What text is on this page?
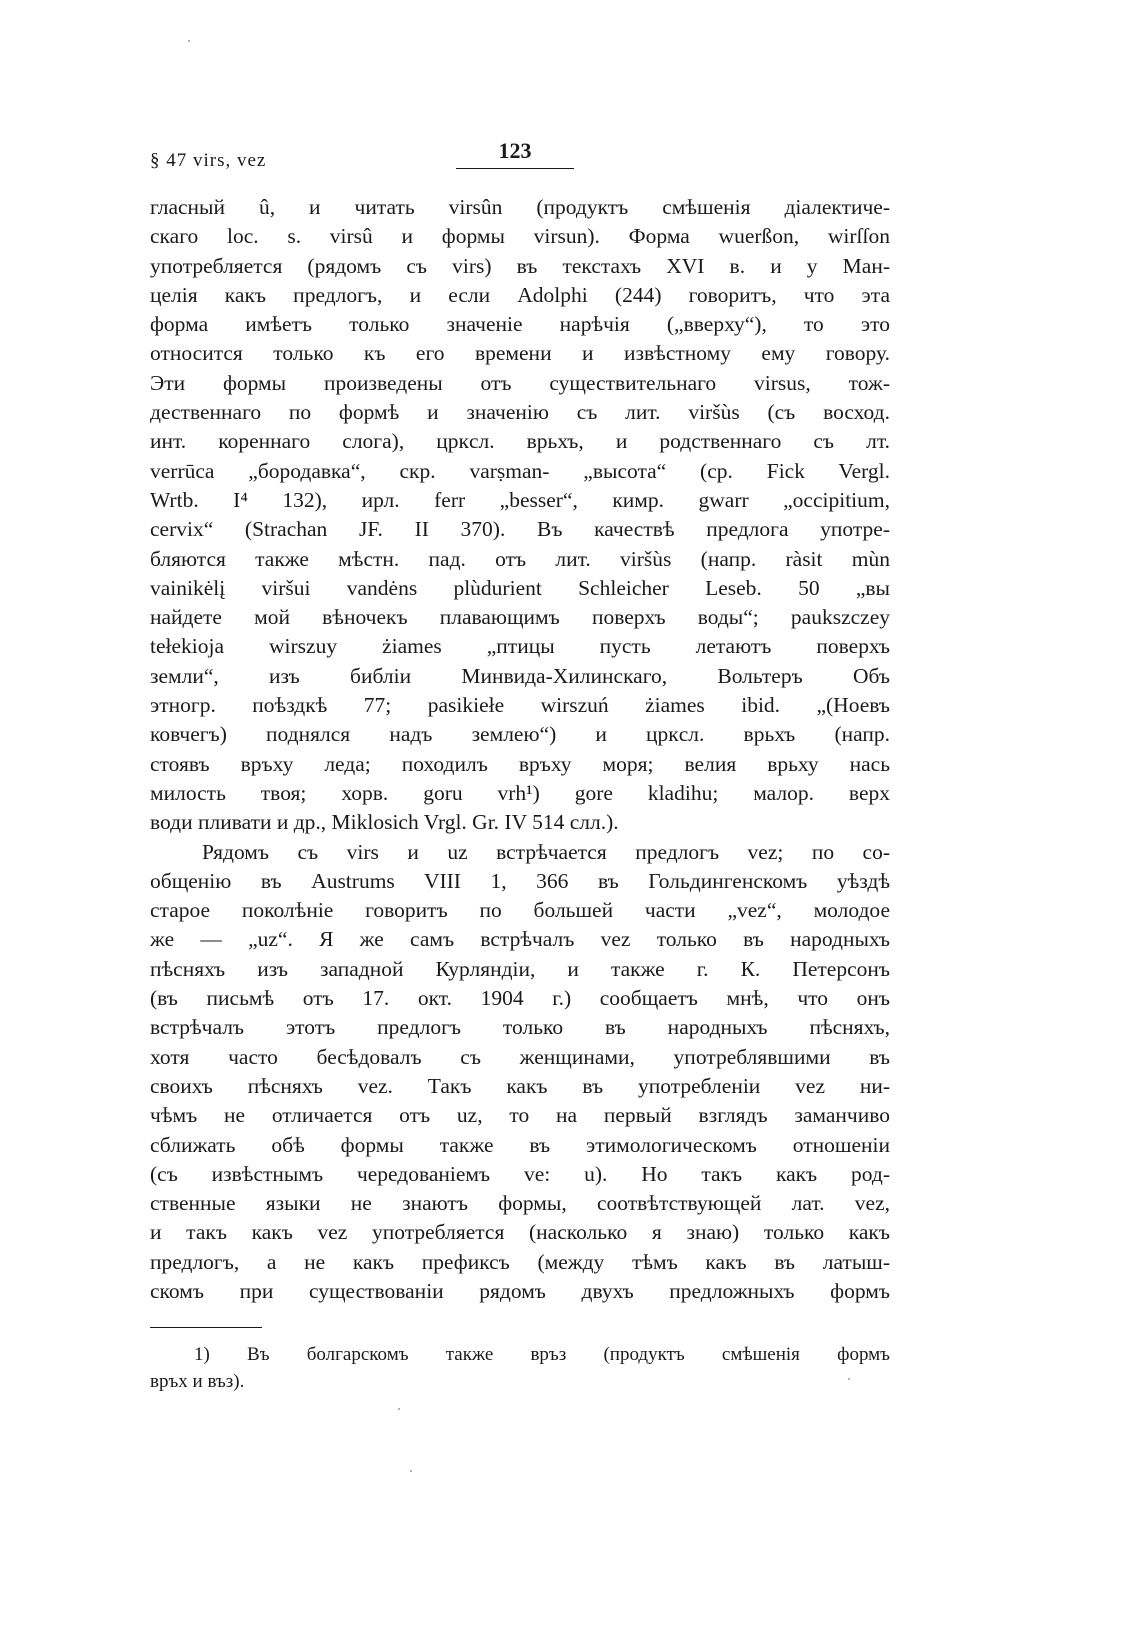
§ 47 virs, vez	123
гласный û, и читать virsûn (продуктъ смѣшенія діалектиче-
скаго loc. s. virsû и формы virsun). Форма wuerßon, wirſſon
употребляется (рядомъ съ virs) въ текстахъ XVI в. и у Ман-
целія какъ предлогъ, и если Adolphi (244) говоритъ, что эта
форма имѣетъ только значеніе нарѣчія („вверху“), то это
относится только къ его времени и извѣстному ему говору.
Эти формы произведены отъ существительнаго virsus, тож-
дественнаго по формѣ и значенію съ лит. viršùs (съ восход.
инт. кореннаго слога), цркcл. врьхъ, и родственнаго съ лт.
verrūca „бородавка“, скр. varṣman- „высота“ (ср. Fick Vergl.
Wrtb. I⁴ 132), ирл. ferr „besser“, кимр. gwarr „occipitium,
cervix“ (Strachan JF. II 370). Въ качествѣ предлога употре-
бляются также мѣстн. пад. отъ лит. viršùs (напр. ràsit mùn
vainikėlį viršui vandėns plùdurient Schleicher Leseb. 50 „вы
найдете мой вѣночекъ плавающимъ поверхъ воды“; paukszczey
tełekioja wirszuy żiames „птицы пусть летаютъ поверхъ
земли“, изъ библіи Минвида-Хилинскаго, Вольтеръ Объ
этногр. поѣздкѣ 77; pasikiełe wirszuń żiames ibid. „(Ноевъ
ковчегъ) поднялся надъ землею“) и цркcл. врьхъ (напр.
стоявъ връху леда; походилъ връху моря; велия врьху нась
милость твоя; хорв. goru vrh¹) gore kladihu; малор. верх
води пливати и др., Miklosich Vrgl. Gr. IV 514 cлл.).
Рядомъ съ virs и uz встрѣчается предлогъ vez; по со-
общенію въ Austrums VIII 1, 366 въ Гольдингенскомъ уѣздѣ
старое поколѣніе говоритъ по большей части „vez“, молодое
же — „uz“. Я же самъ встрѣчалъ vez только въ народныхъ
пѣсняхъ изъ западной Курляндіи, и также г. К. Петерсонъ
(въ письмѣ отъ 17. окт. 1904 г.) сообщаетъ мнѣ, что онъ
встрѣчалъ этотъ предлогъ только въ народныхъ пѣсняхъ,
хотя часто бесѣдовалъ съ женщинами, употреблявшими въ
своихъ пѣсняхъ vez. Такъ какъ въ употребленіи vez ни-
чѣмъ не отличается отъ uz, то на первый взглядъ заманчиво
сближать обѣ формы также въ этимологическомъ отношеніи
(съ извѣстнымъ чередованіемъ ve: u). Но такъ какъ род-
ственные языки не знаютъ формы, соотвѣтствующей лат. vez,
и такъ какъ vez употребляется (насколько я знаю) только какъ
предлогъ, а не какъ префиксъ (между тѣмъ какъ въ латыш-
скомъ при существованіи рядомъ двухъ предложныхъ формъ
1) Въ болгарскомъ также връз (продуктъ смѣшенія формъ
връх и въз).
